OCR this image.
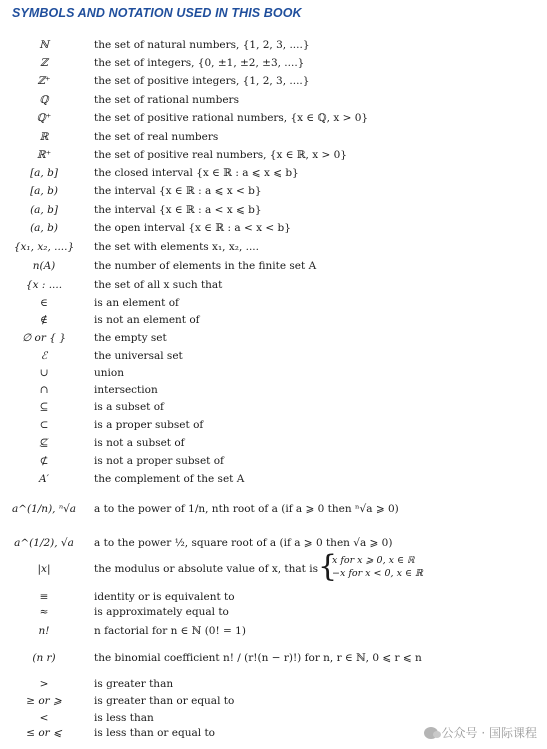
SYMBOLS AND NOTATION USED IN THIS BOOK
ℕ	the set of natural numbers, {1, 2, 3, ....}
ℤ	the set of integers, {0, ±1, ±2, ±3, ....}
ℤ⁺	the set of positive integers, {1, 2, 3, ....}
ℚ	the set of rational numbers
ℚ⁺	the set of positive rational numbers, {x ∈ ℚ, x > 0}
ℝ	the set of real numbers
ℝ⁺	the set of positive real numbers, {x ∈ ℝ, x > 0}
[a, b]	the closed interval {x ∈ ℝ : a ⩽ x ⩽ b}
[a, b)	the interval {x ∈ ℝ : a ⩽ x < b}
(a, b]	the interval {x ∈ ℝ : a < x ⩽ b}
(a, b)	the open interval {x ∈ ℝ : a < x < b}
{x₁, x₂, ....}	the set with elements x₁, x₂, ....
n(A)	the number of elements in the finite set A
{x : ....	the set of all x such that
∈	is an element of
∉	is not an element of
∅ or { }	the empty set
ℰ	the universal set
∪	union
∩	intersection
⊆	is a subset of
⊂	is a proper subset of
⊈	is not a subset of
⊄	is not a proper subset of
A′	the complement of the set A
a^(1/n), ⁿ√a	a to the power of 1/n, nth root of a (if a ⩾ 0 then ⁿ√a ⩾ 0)
a^(1/2), √a	a to the power ½, square root of a (if a ⩾ 0 then √a ⩾ 0)
|x|	the modulus or absolute value of x, that is {
x for x ⩾ 0, x ∈ ℝ
−x for x < 0, x ∈ ℝ
≡	identity or is equivalent to
≈	is approximately equal to
n!	n factorial for n ∈ ℕ (0! = 1)
(n r)	the binomial coefficient n! / (r!(n − r)!) for n, r ∈ ℕ, 0 ⩽ r ⩽ n
>	is greater than
≥ or ⩾	is greater than or equal to
<	is less than
≤ or ⩽	is less than or equal to	公众号 · 国际课程
